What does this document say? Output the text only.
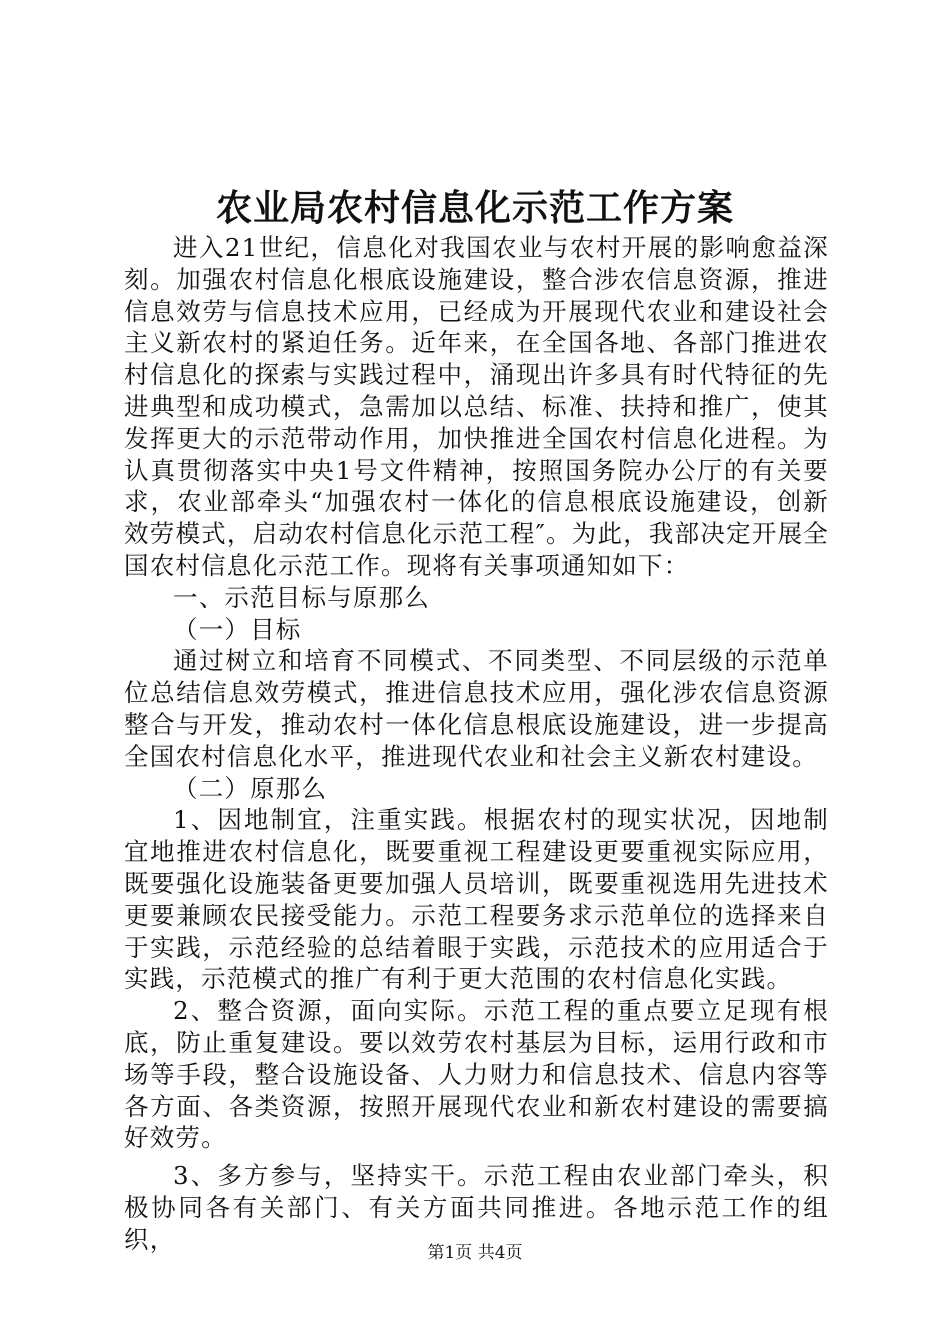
农业局农村信息化示范工作方案

进入21世纪，信息化对我国农业与农村开展的影响愈益深刻。加强农村信息化根底设施建设，整合涉农信息资源，推进信息效劳与信息技术应用，已经成为开展现代农业和建设社会主义新农村的紧迫任务。近年来，在全国各地、各部门推进农村信息化的探索与实践过程中，涌现出许多具有时代特征的先进典型和成功模式，急需加以总结、标准、扶持和推广，使其发挥更大的示范带动作用，加快推进全国农村信息化进程。为认真贯彻落实中央1号文件精神，按照国务院办公厅的有关要求，农业部牵头“加强农村一体化的信息根底设施建设，创新效劳模式，启动农村信息化示范工程″。为此，我部决定开展全国农村信息化示范工作。现将有关事项通知如下：

一、示范目标与原那么

（一）目标

通过树立和培育不同模式、不同类型、不同层级的示范单位总结信息效劳模式，推进信息技术应用，强化涉农信息资源整合与开发，推动农村一体化信息根底设施建设，进一步提高全国农村信息化水平，推进现代农业和社会主义新农村建设。

（二）原那么

1、因地制宜，注重实践。根据农村的现实状况，因地制宜地推进农村信息化，既要重视工程建设更要重视实际应用，既要强化设施装备更要加强人员培训，既要重视选用先进技术更要兼顾农民接受能力。示范工程要务求示范单位的选择来自于实践，示范经验的总结着眼于实践，示范技术的应用适合于实践，示范模式的推广有利于更大范围的农村信息化实践。

2、整合资源，面向实际。示范工程的重点要立足现有根底，防止重复建设。要以效劳农村基层为目标，运用行政和市场等手段，整合设施设备、人力财力和信息技术、信息内容等各方面、各类资源，按照开展现代农业和新农村建设的需要搞好效劳。

3、多方参与，坚持实干。示范工程由农业部门牵头，积极协同各有关部门、有关方面共同推进。各地示范工作的组织，	第1页 共4页
